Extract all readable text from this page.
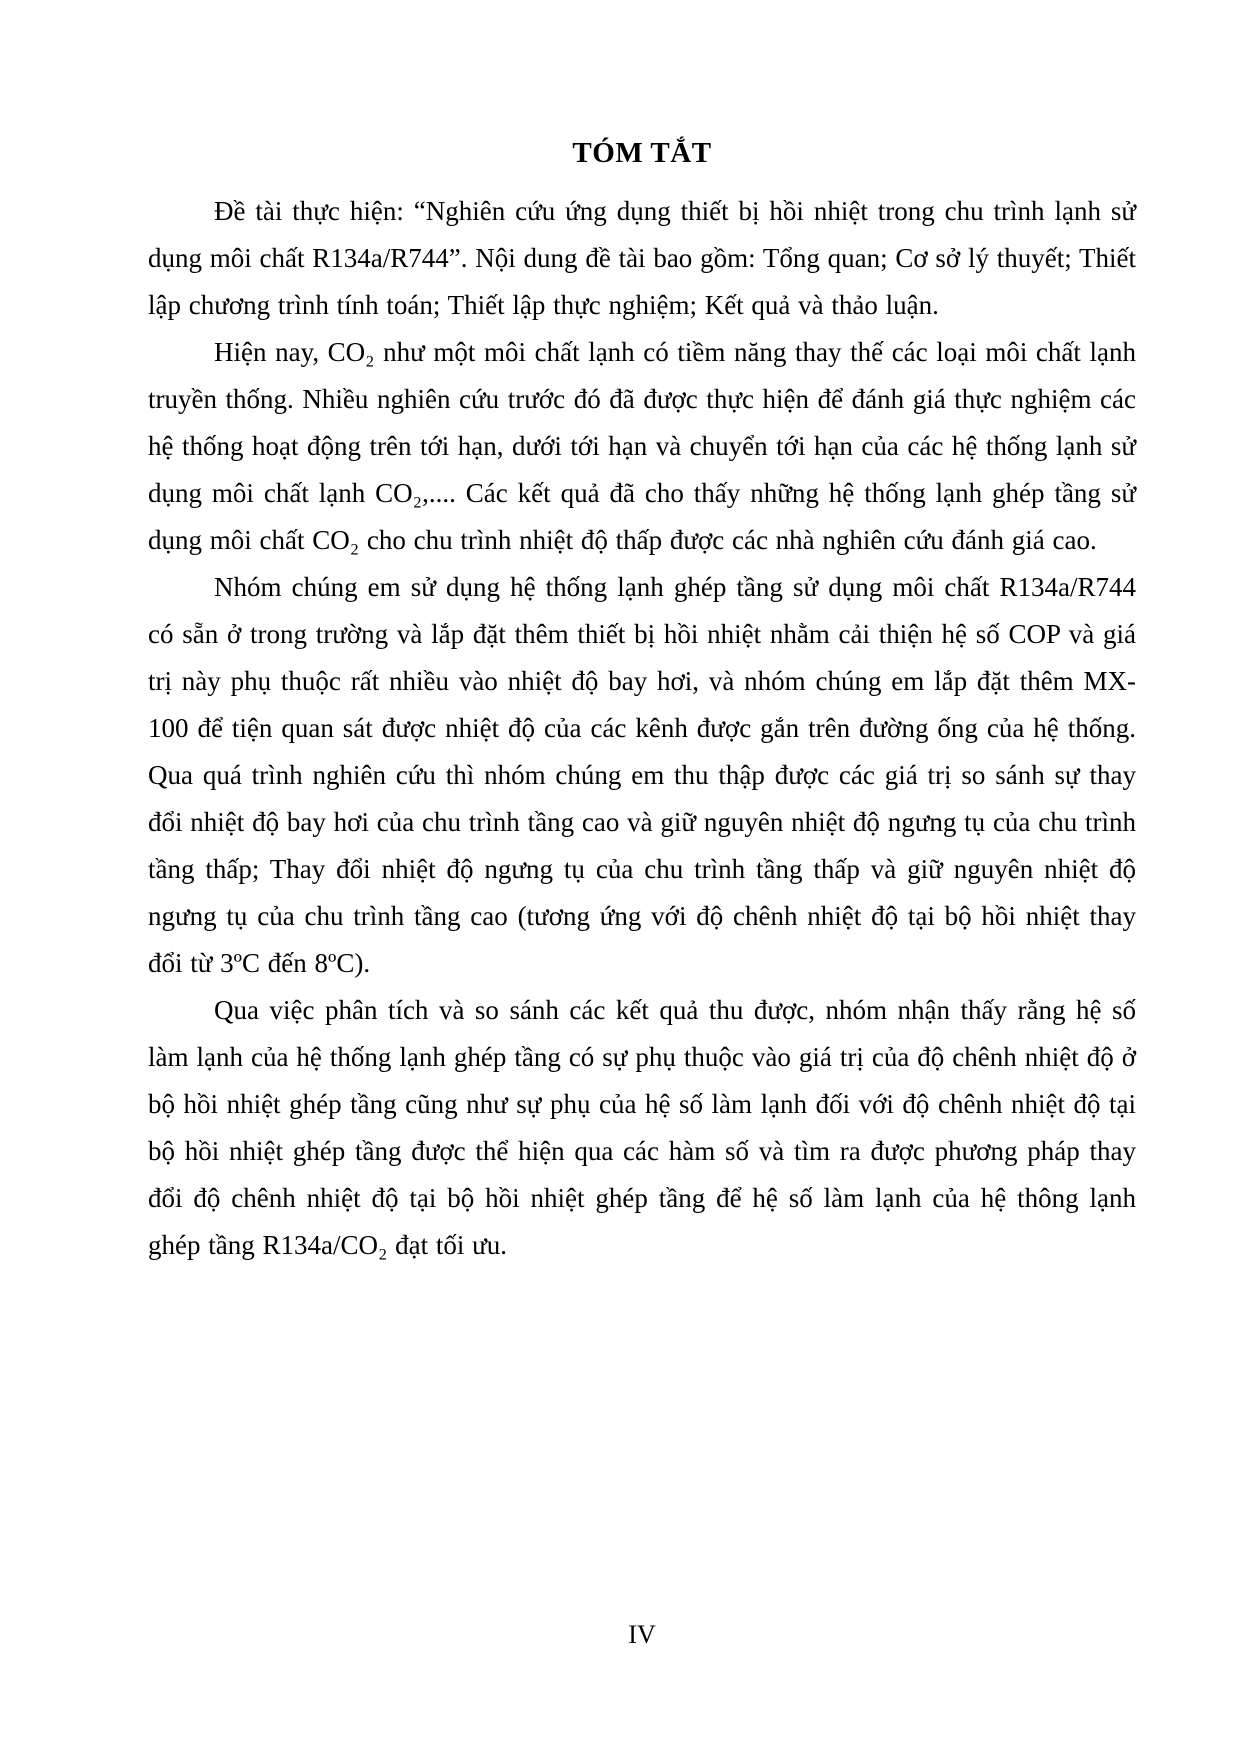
TÓM TẮT

Đề tài thực hiện: “Nghiên cứu ứng dụng thiết bị hồi nhiệt trong chu trình lạnh sử dụng môi chất R134a/R744”. Nội dung đề tài bao gồm: Tổng quan; Cơ sở lý thuyết; Thiết lập chương trình tính toán; Thiết lập thực nghiệm; Kết quả và thảo luận.

Hiện nay, CO₂ như một môi chất lạnh có tiềm năng thay thế các loại môi chất lạnh truyền thống. Nhiều nghiên cứu trước đó đã được thực hiện để đánh giá thực nghiệm các hệ thống hoạt động trên tới hạn, dưới tới hạn và chuyển tới hạn của các hệ thống lạnh sử dụng môi chất lạnh CO₂,.... Các kết quả đã cho thấy những hệ thống lạnh ghép tầng sử dụng môi chất CO₂ cho chu trình nhiệt độ thấp được các nhà nghiên cứu đánh giá cao.

Nhóm chúng em sử dụng hệ thống lạnh ghép tầng sử dụng môi chất R134a/R744 có sẵn ở trong trường và lắp đặt thêm thiết bị hồi nhiệt nhằm cải thiện hệ số COP và giá trị này phụ thuộc rất nhiều vào nhiệt độ bay hơi, và nhóm chúng em lắp đặt thêm MX-100 để tiện quan sát được nhiệt độ của các kênh được gắn trên đường ống của hệ thống. Qua quá trình nghiên cứu thì nhóm chúng em thu thập được các giá trị so sánh sự thay đổi nhiệt độ bay hơi của chu trình tầng cao và giữ nguyên nhiệt độ ngưng tụ của chu trình tầng thấp; Thay đổi nhiệt độ ngưng tụ của chu trình tầng thấp và giữ nguyên nhiệt độ ngưng tụ của chu trình tầng cao (tương ứng với độ chênh nhiệt độ tại bộ hồi nhiệt thay đổi từ 3ºC đến 8ºC).

Qua việc phân tích và so sánh các kết quả thu được, nhóm nhận thấy rằng hệ số làm lạnh của hệ thống lạnh ghép tầng có sự phụ thuộc vào giá trị của độ chênh nhiệt độ ở bộ hồi nhiệt ghép tầng cũng như sự phụ của hệ số làm lạnh đối với độ chênh nhiệt độ tại bộ hồi nhiệt ghép tầng được thể hiện qua các hàm số và tìm ra được phương pháp thay đổi độ chênh nhiệt độ tại bộ hồi nhiệt ghép tầng để hệ số làm lạnh của hệ thông lạnh ghép tầng R134a/CO₂ đạt tối ưu.

IV
